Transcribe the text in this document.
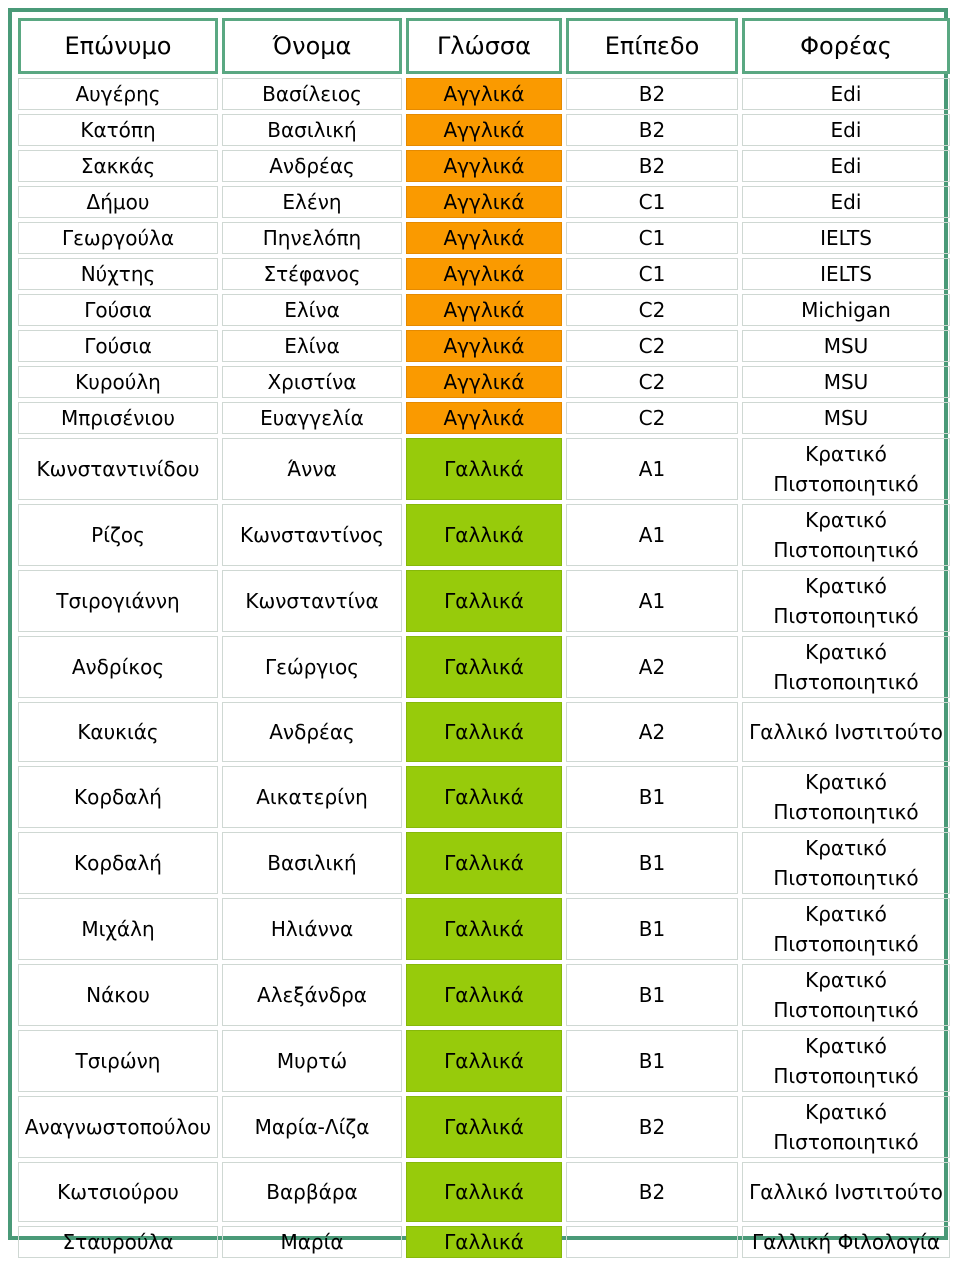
Επώνυμο	Όνομα	Γλώσσα	Επίπεδο	Φορέας
Αυγέρης	Βασίλειος	Αγγλικά	B2	Edi
Κατόπη	Βασιλική	Αγγλικά	B2	Edi
Σακκάς	Ανδρέας	Αγγλικά	B2	Edi
Δήμου	Ελένη	Αγγλικά	C1	Edi
Γεωργούλα	Πηνελόπη	Αγγλικά	C1	IELTS
Νύχτης	Στέφανος	Αγγλικά	C1	IELTS
Γούσια	Ελίνα	Αγγλικά	C2	Michigan
Γούσια	Ελίνα	Αγγλικά	C2	MSU
Κυρούλη	Χριστίνα	Αγγλικά	C2	MSU
Μπρισένιου	Ευαγγελία	Αγγλικά	C2	MSU
Κωνσταντινίδου	Άννα	Γαλλικά	A1	Κρατικό Πιστοποιητικό
Ρίζος	Κωνσταντίνος	Γαλλικά	A1	Κρατικό Πιστοποιητικό
Τσιρογιάννη	Κωνσταντίνα	Γαλλικά	A1	Κρατικό Πιστοποιητικό
Ανδρίκος	Γεώργιος	Γαλλικά	A2	Κρατικό Πιστοποιητικό
Καυκιάς	Ανδρέας	Γαλλικά	A2	Γαλλικό Ινστιτούτο
Κορδαλή	Αικατερίνη	Γαλλικά	B1	Κρατικό Πιστοποιητικό
Κορδαλή	Βασιλική	Γαλλικά	B1	Κρατικό Πιστοποιητικό
Μιχάλη	Ηλιάννα	Γαλλικά	B1	Κρατικό Πιστοποιητικό
Νάκου	Αλεξάνδρα	Γαλλικά	B1	Κρατικό Πιστοποιητικό
Τσιρώνη	Μυρτώ	Γαλλικά	B1	Κρατικό Πιστοποιητικό
Αναγνωστοπούλου	Μαρία-Λίζα	Γαλλικά	B2	Κρατικό Πιστοποιητικό
Κωτσιούρου	Βαρβάρα	Γαλλικά	B2	Γαλλικό Ινστιτούτο
Σταυρούλα	Μαρία	Γαλλικά		Γαλλική Φιλολογία
